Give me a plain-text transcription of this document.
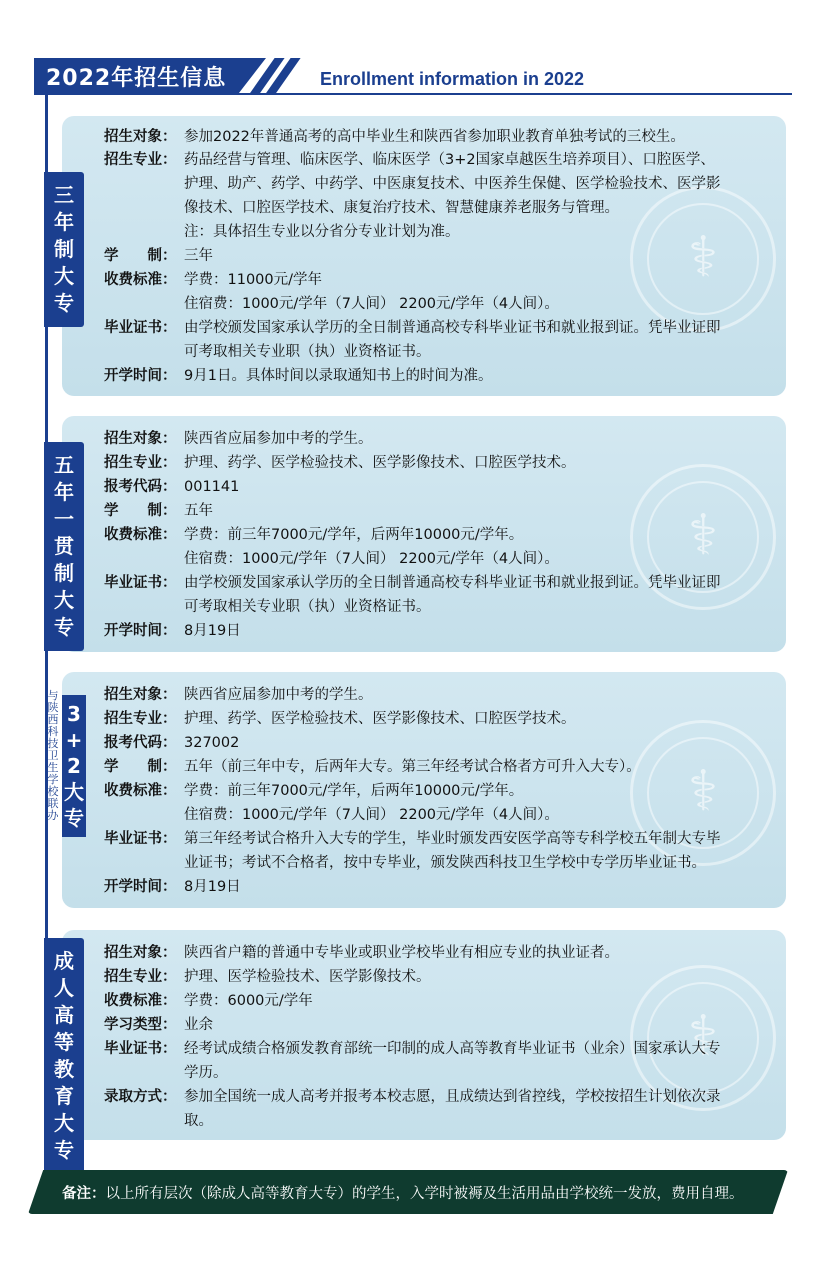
2022年招生信息	Enrollment information in 2022
⚕
招生对象： 参加2022年普通高考的高中毕业生和陕西省参加职业教育单独考试的三校生。
招生专业： 药品经营与管理、临床医学、临床医学（3+2国家卓越医生培养项目）、口腔医学、
护理、助产、药学、中药学、中医康复技术、中医养生保健、医学检验技术、医学影
像技术、口腔医学技术、康复治疗技术、智慧健康养老服务与管理。
注：具体招生专业以分省分专业计划为准。
学　　制： 三年
收费标准： 学费：11000元/学年
住宿费：1000元/学年（7人间） 2200元/学年（4人间）。
毕业证书： 由学校颁发国家承认学历的全日制普通高校专科毕业证书和就业报到证。凭毕业证即
可考取相关专业职（执）业资格证书。
开学时间： 9月1日。具体时间以录取通知书上的时间为准。
三
年
制
大
专
⚕
招生对象： 陕西省应届参加中考的学生。
招生专业： 护理、药学、医学检验技术、医学影像技术、口腔医学技术。
报考代码： 001141
学　　制： 五年
收费标准： 学费：前三年7000元/学年，后两年10000元/学年。
住宿费：1000元/学年（7人间） 2200元/学年（4人间）。
毕业证书： 由学校颁发国家承认学历的全日制普通高校专科毕业证书和就业报到证。凭毕业证即
可考取相关专业职（执）业资格证书。
开学时间： 8月19日
五
年
一
贯
制
大
专
⚕
招生对象： 陕西省应届参加中考的学生。
招生专业： 护理、药学、医学检验技术、医学影像技术、口腔医学技术。
报考代码： 327002
学　　制： 五年（前三年中专，后两年大专。第三年经考试合格者方可升入大专）。
收费标准： 学费：前三年7000元/学年，后两年10000元/学年。
住宿费：1000元/学年（7人间） 2200元/学年（4人间）。
毕业证书： 第三年经考试合格升入大专的学生，毕业时颁发西安医学高等专科学校五年制大专毕
业证书；考试不合格者，按中专毕业，颁发陕西科技卫生学校中专学历毕业证书。
开学时间： 8月19日
与
陕
西
科
技
卫
生
学
校
联
办
3
+
2
大
专
⚕
招生对象： 陕西省户籍的普通中专毕业或职业学校毕业有相应专业的执业证者。
招生专业： 护理、医学检验技术、医学影像技术。
收费标准： 学费：6000元/学年
学习类型： 业余
毕业证书： 经考试成绩合格颁发教育部统一印制的成人高等教育毕业证书（业余）国家承认大专
学历。
录取方式： 参加全国统一成人高考并报考本校志愿，且成绩达到省控线，学校按招生计划依次录
取。
成
人
高
等
教
育
大
专
备注：以上所有层次（除成人高等教育大专）的学生，入学时被褥及生活用品由学校统一发放，费用自理。
